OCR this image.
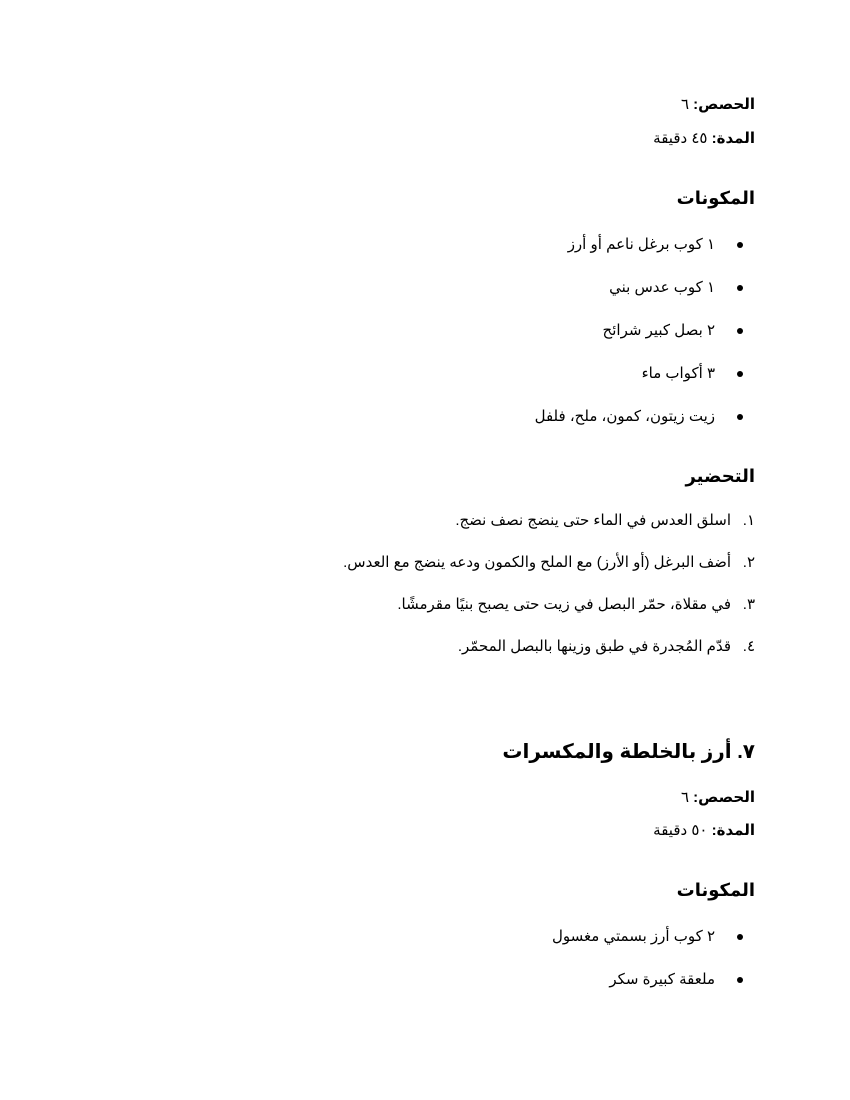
الحصص: ٦
المدة: ٤٥ دقيقة
المكونات
١ كوب برغل ناعم أو أرز
١ كوب عدس بني
٢ بصل كبير شرائح
٣ أكواب ماء
زيت زيتون، كمون، ملح، فلفل
التحضير
١.اسلق العدس في الماء حتى ينضج نصف نضج.
٢.أضف البرغل (أو الأرز) مع الملح والكمون ودعه ينضج مع العدس.
٣.في مقلاة، حمّر البصل في زيت حتى يصبح بنيًا مقرمشًا.
٤.قدّم المُجدرة في طبق وزينها بالبصل المحمّر.
٧. أرز بالخلطة والمكسرات
الحصص: ٦
المدة: ٥٠ دقيقة
المكونات
٢ كوب أرز بسمتي مغسول
ملعقة كبيرة سكر
